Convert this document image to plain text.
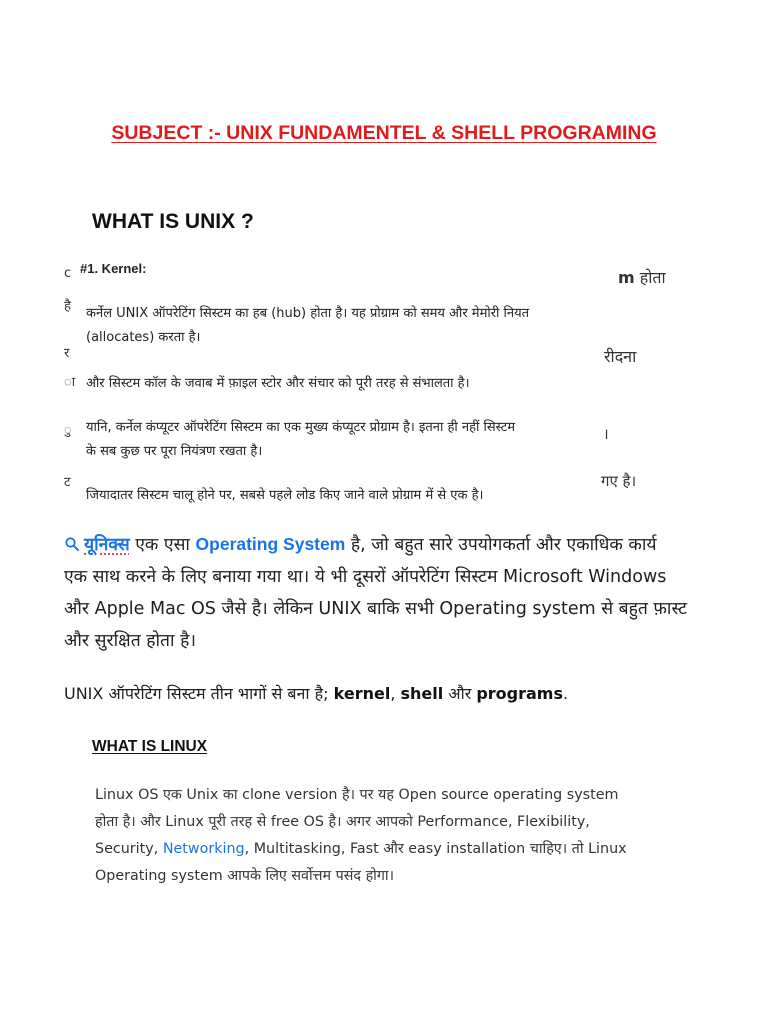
SUBJECT :- UNIX FUNDAMENTEL & SHELL PROGRAMING
WHAT IS UNIX ?
m होता
रीदना
।
गए है।
c
है
र
ा
ु
ट
#1. Kernel:
कर्नेल UNIX ऑपरेटिंग सिस्टम का हब (hub) होता है। यह प्रोग्राम को समय और मेमोरी नियत
(allocates) करता है।
और सिस्टम कॉल के जवाब में फ़ाइल स्टोर और संचार को पूरी तरह से संभालता है।
यानि, कर्नेल कंप्यूटर ऑपरेटिंग सिस्टम का एक मुख्य कंप्यूटर प्रोग्राम है। इतना ही नहीं सिस्टम
के सब कुछ पर पूरा नियंत्रण रखता है।
जियादातर सिस्टम चालू होने पर, सबसे पहले लोड किए जाने वाले प्रोग्राम में से एक है।
यूनिक्स एक एसा Operating System है, जो बहुत सारे उपयोगकर्ता और एकाधिक कार्य
एक साथ करने के लिए बनाया गया था। ये भी दूसरों ऑपरेटिंग सिस्टम Microsoft Windows
और Apple Mac OS जैसे है। लेकिन UNIX बाकि सभी Operating system से बहुत फ़ास्ट
और सुरक्षित होता है।
UNIX ऑपरेटिंग सिस्टम तीन भागों से बना है; kernel, shell और programs.
WHAT IS LINUX
Linux OS एक Unix का clone version है। पर यह Open source operating system
होता है। और Linux पूरी तरह से free OS है। अगर आपको Performance, Flexibility,
Security, Networking, Multitasking, Fast और easy installation चाहिए। तो Linux
Operating system आपके लिए सर्वोत्तम पसंद होगा।
